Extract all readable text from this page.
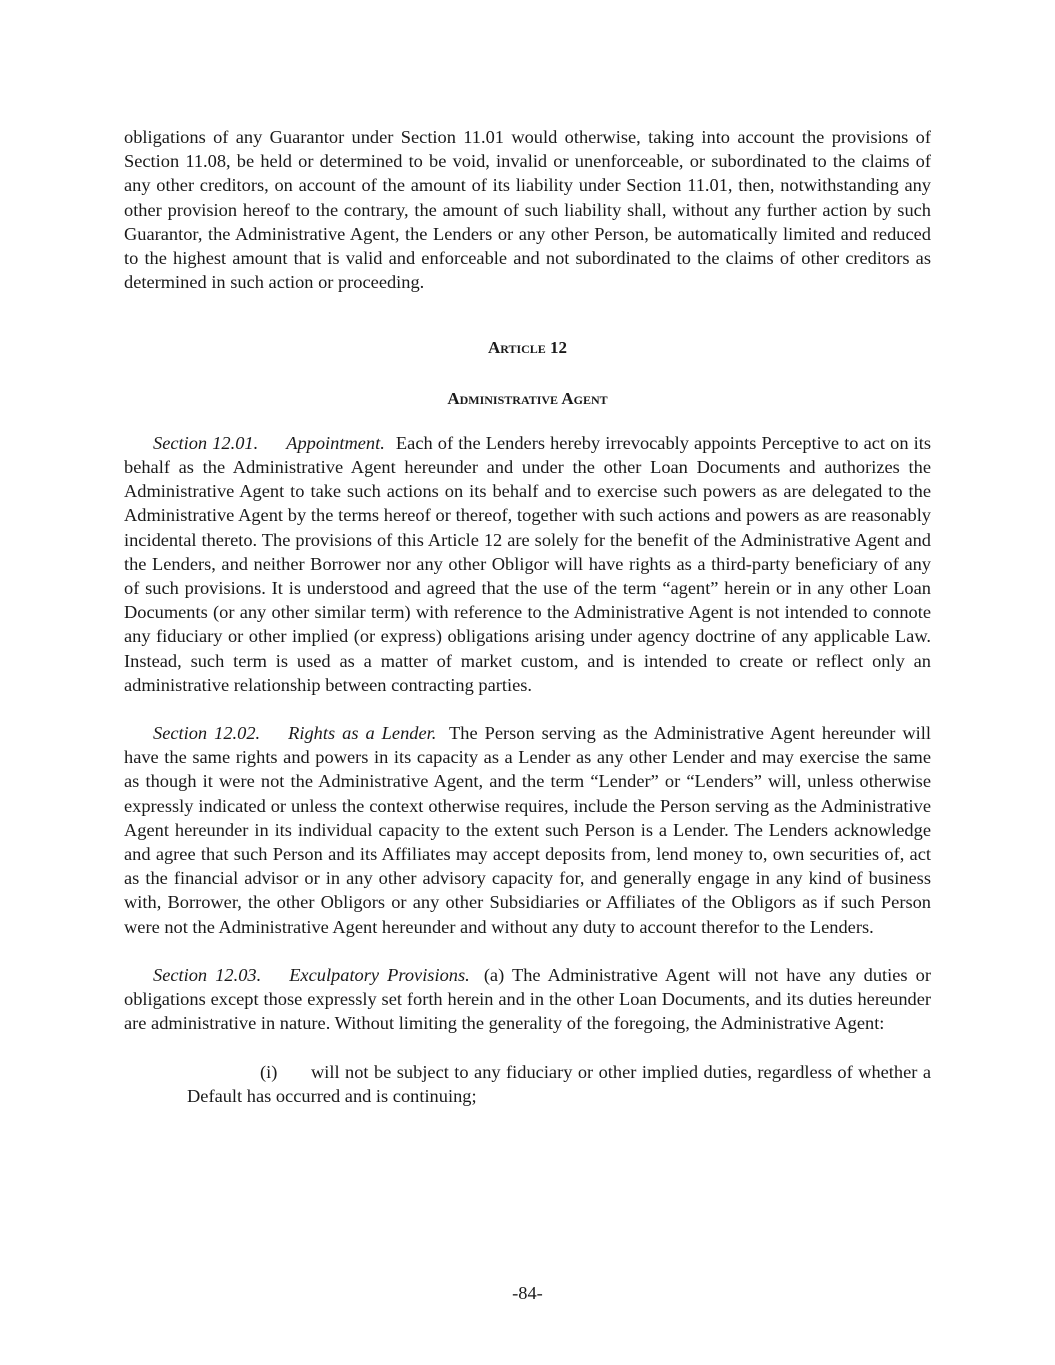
obligations of any Guarantor under Section 11.01 would otherwise, taking into account the provisions of Section 11.08, be held or determined to be void, invalid or unenforceable, or subordinated to the claims of any other creditors, on account of the amount of its liability under Section 11.01, then, notwithstanding any other provision hereof to the contrary, the amount of such liability shall, without any further action by such Guarantor, the Administrative Agent, the Lenders or any other Person, be automatically limited and reduced to the highest amount that is valid and enforceable and not subordinated to the claims of other creditors as determined in such action or proceeding.

Article 12
Administrative Agent

Section 12.01. Appointment. Each of the Lenders hereby irrevocably appoints Perceptive to act on its behalf as the Administrative Agent hereunder and under the other Loan Documents and authorizes the Administrative Agent to take such actions on its behalf and to exercise such powers as are delegated to the Administrative Agent by the terms hereof or thereof, together with such actions and powers as are reasonably incidental thereto. The provisions of this Article 12 are solely for the benefit of the Administrative Agent and the Lenders, and neither Borrower nor any other Obligor will have rights as a third-party beneficiary of any of such provisions. It is understood and agreed that the use of the term “agent” herein or in any other Loan Documents (or any other similar term) with reference to the Administrative Agent is not intended to connote any fiduciary or other implied (or express) obligations arising under agency doctrine of any applicable Law. Instead, such term is used as a matter of market custom, and is intended to create or reflect only an administrative relationship between contracting parties.

Section 12.02. Rights as a Lender. The Person serving as the Administrative Agent hereunder will have the same rights and powers in its capacity as a Lender as any other Lender and may exercise the same as though it were not the Administrative Agent, and the term “Lender” or “Lenders” will, unless otherwise expressly indicated or unless the context otherwise requires, include the Person serving as the Administrative Agent hereunder in its individual capacity to the extent such Person is a Lender. The Lenders acknowledge and agree that such Person and its Affiliates may accept deposits from, lend money to, own securities of, act as the financial advisor or in any other advisory capacity for, and generally engage in any kind of business with, Borrower, the other Obligors or any other Subsidiaries or Affiliates of the Obligors as if such Person were not the Administrative Agent hereunder and without any duty to account therefor to the Lenders.

Section 12.03. Exculpatory Provisions. (a) The Administrative Agent will not have any duties or obligations except those expressly set forth herein and in the other Loan Documents, and its duties hereunder are administrative in nature. Without limiting the generality of the foregoing, the Administrative Agent:

(i) will not be subject to any fiduciary or other implied duties, regardless of whether a Default has occurred and is continuing;

-84-
